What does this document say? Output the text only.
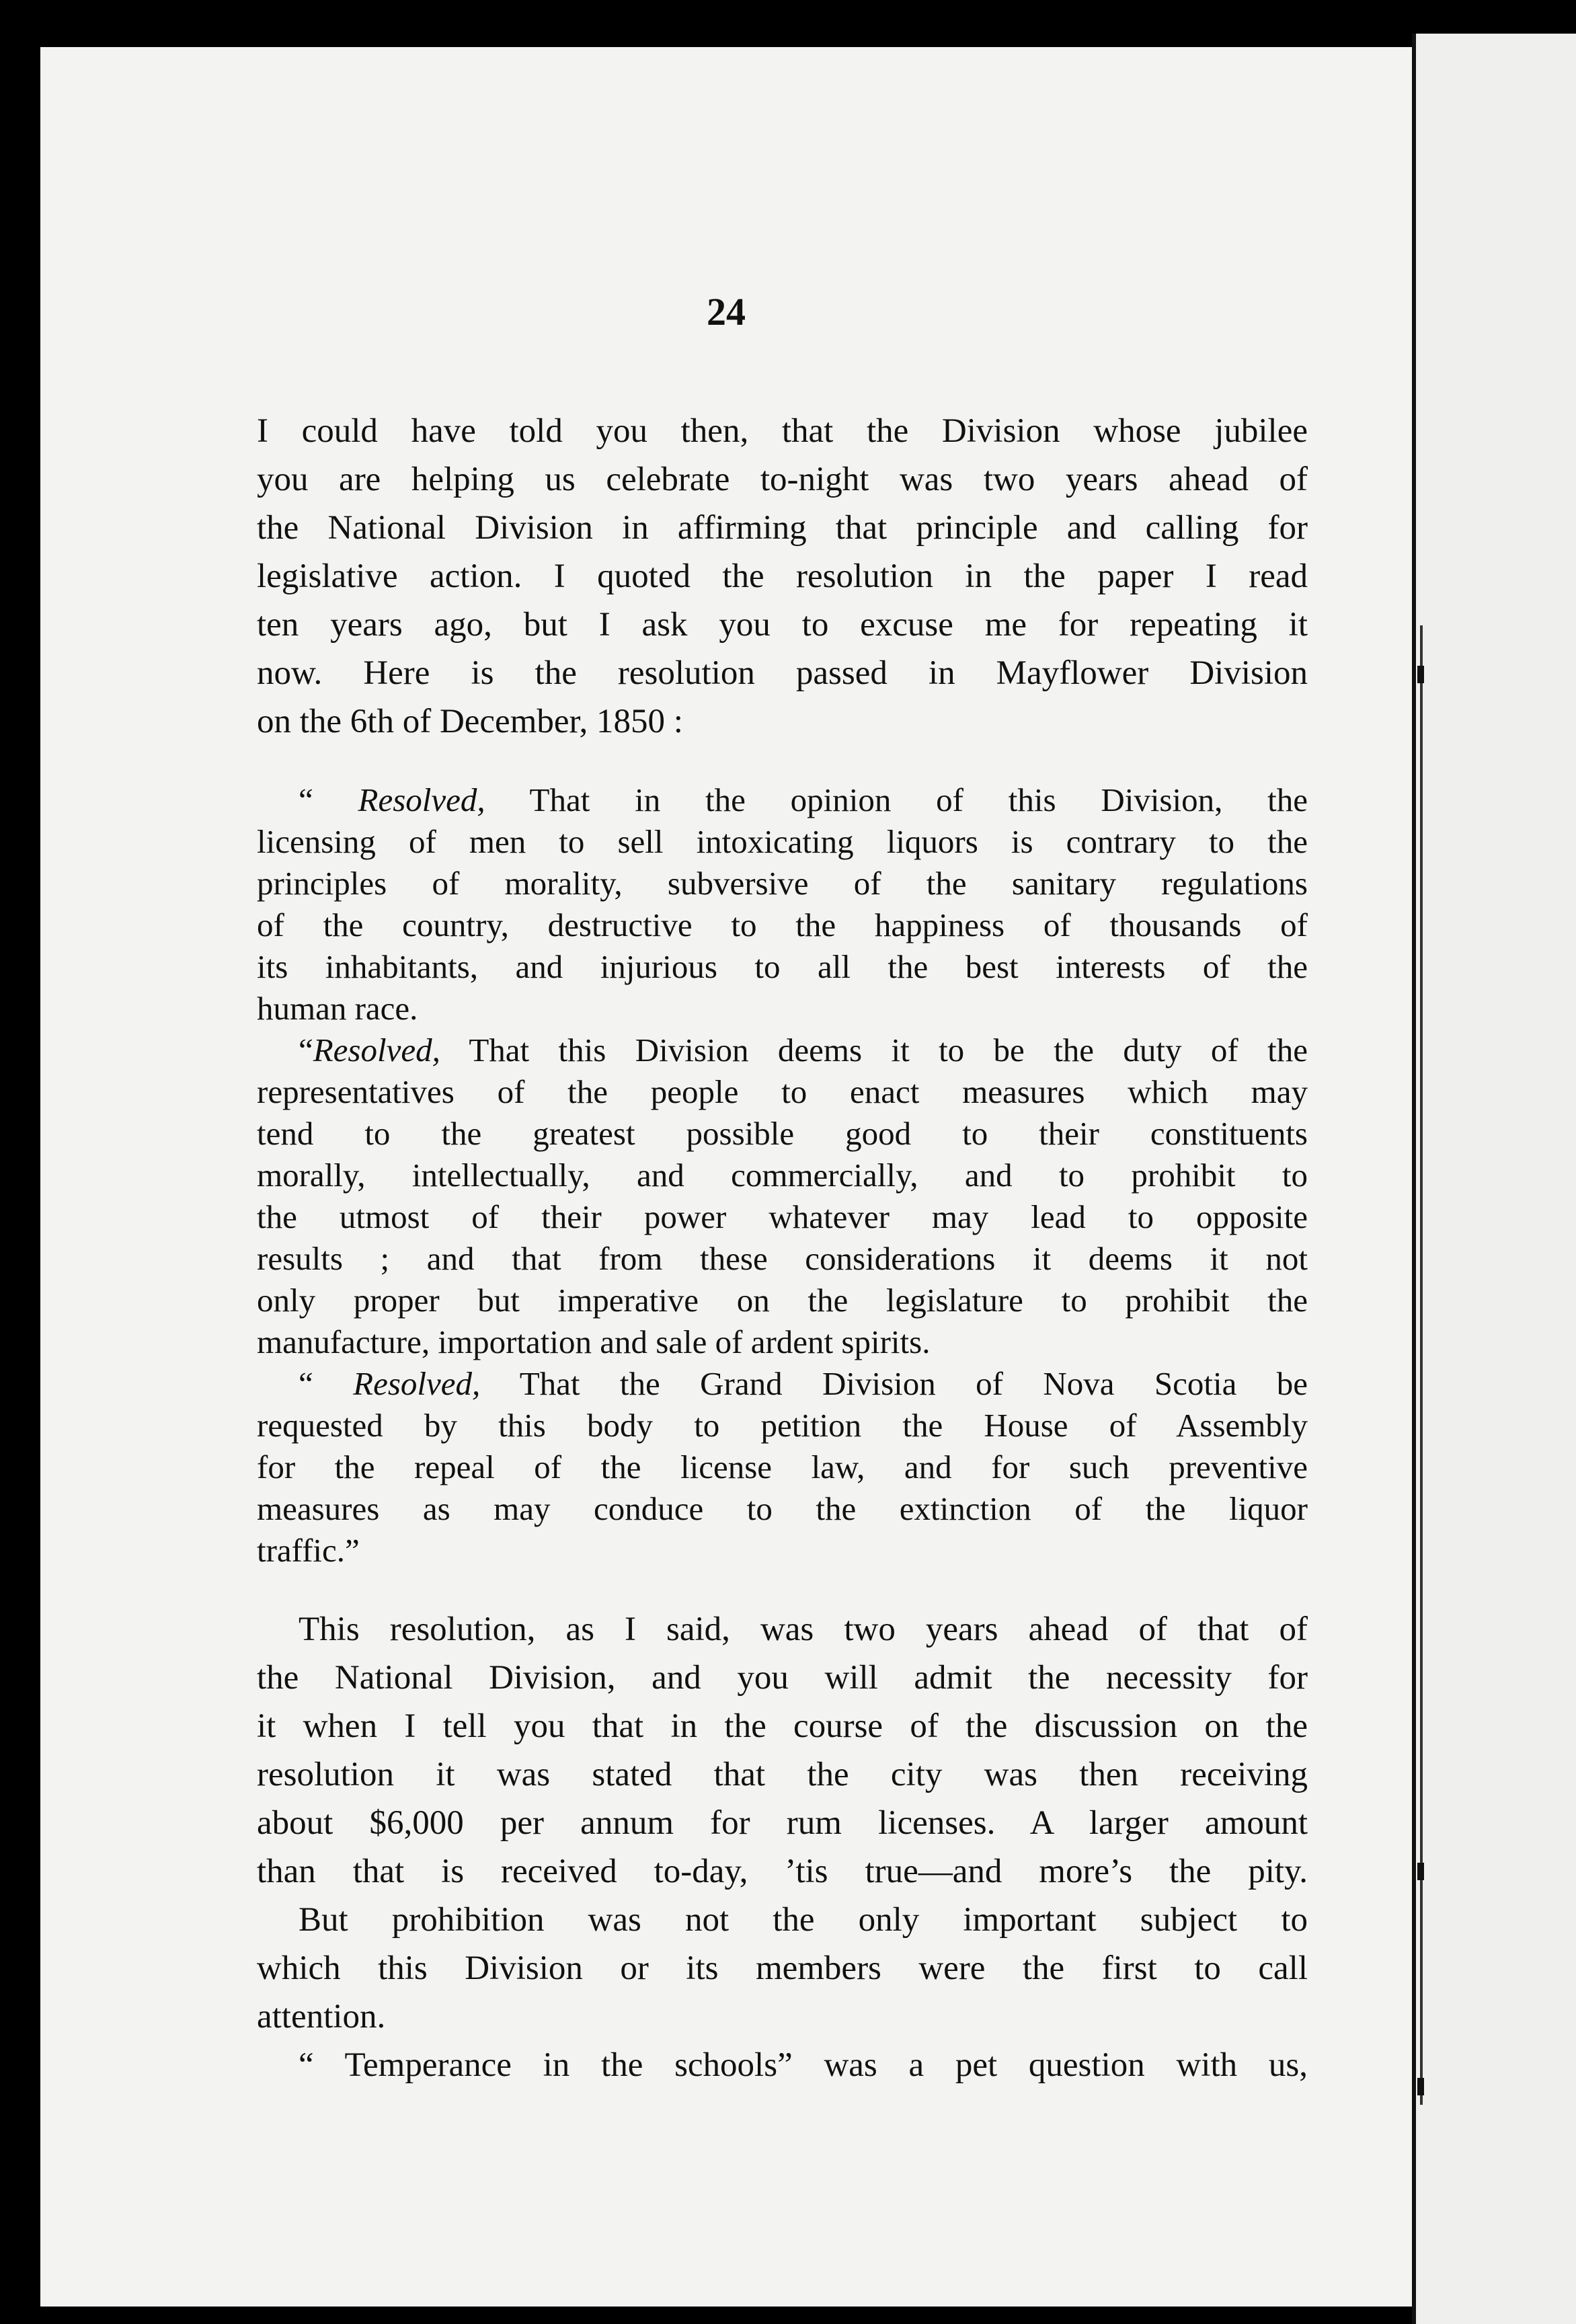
24
I could have told you then, that the Division whose jubilee
you are helping us celebrate to-night was two years ahead of
the National Division in affirming that principle and calling for
legislative action. I quoted the resolution in the paper I read
ten years ago, but I ask you to excuse me for repeating it
now. Here is the resolution passed in Mayflower Division
on the 6th of December, 1850 :
“ Resolved, That in the opinion of this Division, the
licensing of men to sell intoxicating liquors is contrary to the
principles of morality, subversive of the sanitary regulations
of the country, destructive to the happiness of thousands of
its inhabitants, and injurious to all the best interests of the
human race.
“Resolved, That this Division deems it to be the duty of the
representatives of the people to enact measures which may
tend to the greatest possible good to their constituents
morally, intellectually, and commercially, and to prohibit to
the utmost of their power whatever may lead to opposite
results ; and that from these considerations it deems it not
only proper but imperative on the legislature to prohibit the
manufacture, importation and sale of ardent spirits.
“ Resolved, That the Grand Division of Nova Scotia be
requested by this body to petition the House of Assembly
for the repeal of the license law, and for such preventive
measures as may conduce to the extinction of the liquor
traffic.”
This resolution, as I said, was two years ahead of that of
the National Division, and you will admit the necessity for
it when I tell you that in the course of the discussion on the
resolution it was stated that the city was then receiving
about $6,000 per annum for rum licenses. A larger amount
than that is received to-day, ’tis true—and more’s the pity.
But prohibition was not the only important subject to
which this Division or its members were the first to call
attention.
“ Temperance in the schools” was a pet question with us,
